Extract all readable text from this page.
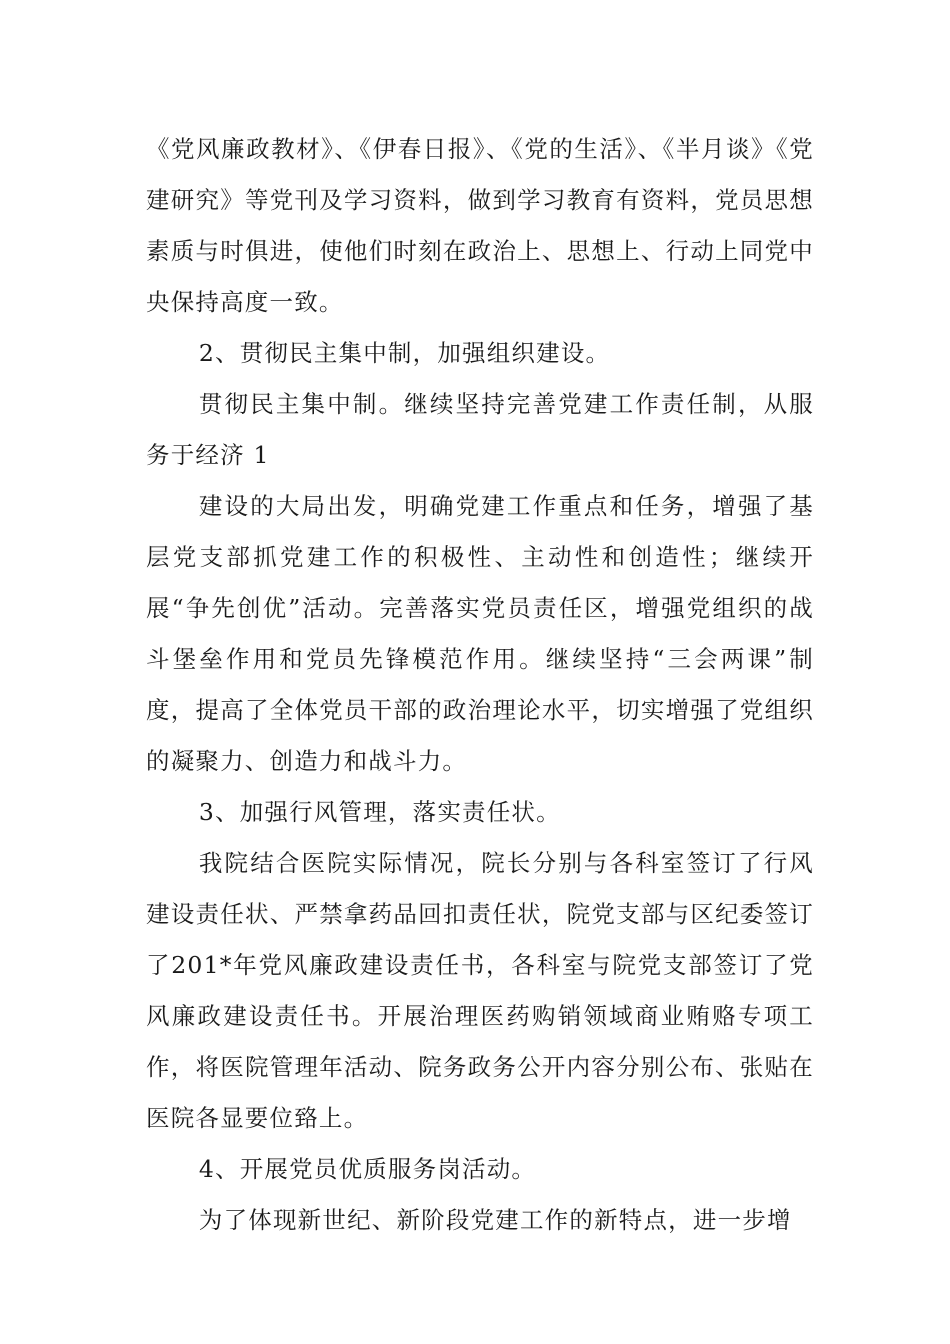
《党风廉政教材》、《伊春日报》、《党的生活》、《半月谈》《党建研究》等党刊及学习资料，做到学习教育有资料，党员思想素质与时俱进，使他们时刻在政治上、思想上、行动上同党中央保持高度一致。

2、贯彻民主集中制，加强组织建设。

贯彻民主集中制。继续坚持完善党建工作责任制，从服务于经济 1

建设的大局出发，明确党建工作重点和任务，增强了基层党支部抓党建工作的积极性、主动性和创造性；继续开展“争先创优”活动。完善落实党员责任区，增强党组织的战斗堡垒作用和党员先锋模范作用。继续坚持“三会两课”制度，提高了全体党员干部的政治理论水平，切实增强了党组织的凝聚力、创造力和战斗力。

3、加强行风管理，落实责任状。

我院结合医院实际情况，院长分别与各科室签订了行风建设责任状、严禁拿药品回扣责任状，院党支部与区纪委签订了201*年党风廉政建设责任书，各科室与院党支部签订了党风廉政建设责任书。开展治理医药购销领域商业贿赂专项工作，将医院管理年活动、院务政务公开内容分别公布、张贴在医院各显要位臵上。

4、开展党员优质服务岗活动。

为了体现新世纪、新阶段党建工作的新特点，进一步增
